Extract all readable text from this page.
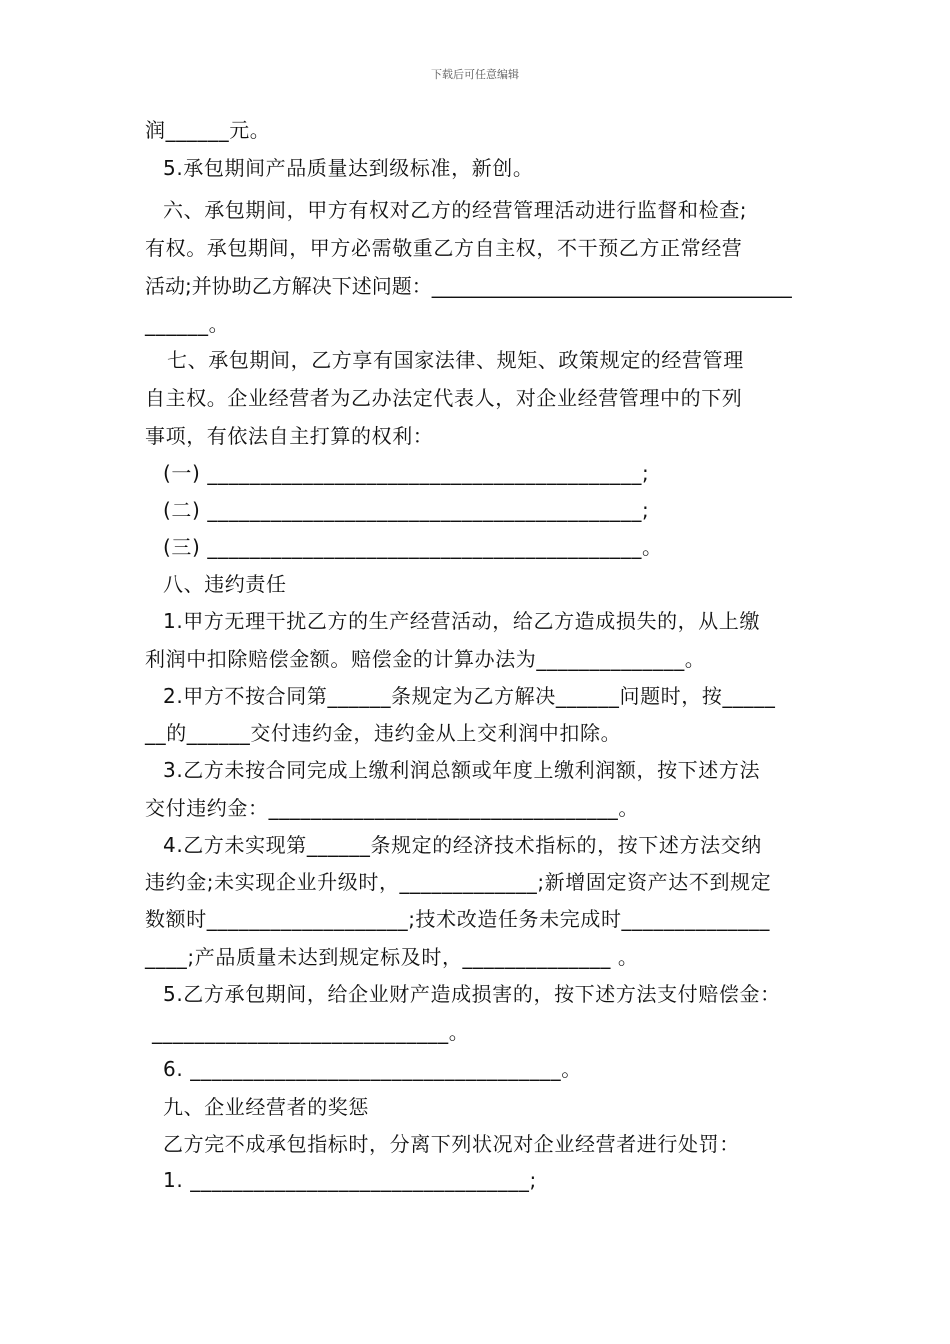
下载后可任意编辑
润______元。
5.承包期间产品质量达到级标准，新创。
六、承包期间，甲方有权对乙方的经营管理活动进行监督和检查;
有权。承包期间，甲方必需敬重乙方自主权，不干预乙方正常经营
活动;并协助乙方解决下述问题：____________________________________
______。
七、承包期间，乙方享有国家法律、规矩、政策规定的经营管理
自主权。企业经营者为乙办法定代表人，对企业经营管理中的下列
事项，有依法自主打算的权利：
(一) _________________________________________;
(二) _________________________________________;
(三) _________________________________________。
八、违约责任
1.甲方无理干扰乙方的生产经营活动，给乙方造成损失的，从上缴
利润中扣除赔偿金额。赔偿金的计算办法为______________。
2.甲方不按合同第______条规定为乙方解决______问题时，按_____
__的______交付违约金，违约金从上交利润中扣除。
3.乙方未按合同完成上缴利润总额或年度上缴利润额，按下述方法
交付违约金：_________________________________。
4.乙方未实现第______条规定的经济技术指标的，按下述方法交纳
违约金;未实现企业升级时，_____________;新增固定资产达不到规定
数额时___________________;技术改造任务未完成时______________
____;产品质量未达到规定标及时，______________ 。
5.乙方承包期间，给企业财产造成损害的，按下述方法支付赔偿金：
____________________________。
6. ___________________________________。
九、企业经营者的奖惩
乙方完不成承包指标时，分离下列状况对企业经营者进行处罚：
1. ________________________________;
